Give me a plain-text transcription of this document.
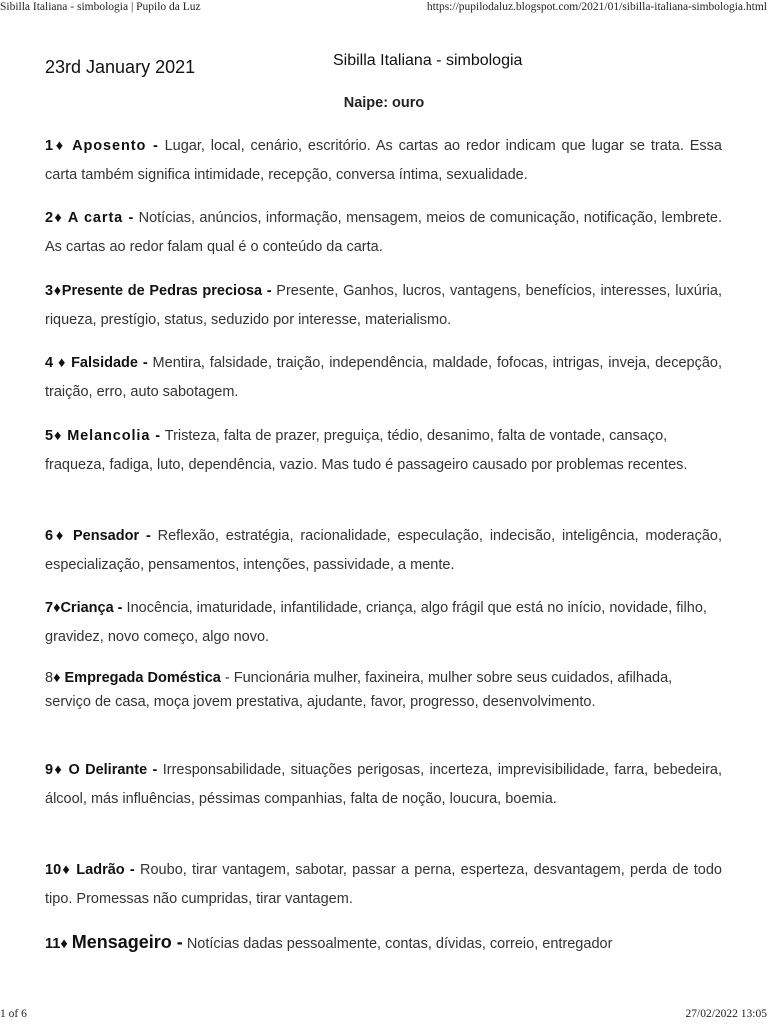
Sibilla Italiana - simbologia | Pupilo da Luz	https://pupilodaluz.blogspot.com/2021/01/sibilla-italiana-simbologia.html
23rd January 2021	Sibilla Italiana - simbologia
Naipe: ouro
1♦ Aposento - Lugar, local, cenário, escritório. As cartas ao redor indicam que lugar se trata. Essa carta também significa intimidade, recepção, conversa íntima, sexualidade.
2♦ A carta - Notícias, anúncios, informação, mensagem, meios de comunicação, notificação, lembrete. As cartas ao redor falam qual é o conteúdo da carta.
3♦Presente de Pedras preciosa - Presente, Ganhos, lucros, vantagens, benefícios, interesses, luxúria, riqueza, prestígio, status, seduzido por interesse, materialismo.
4 ♦ Falsidade - Mentira, falsidade, traição, independência, maldade, fofocas, intrigas, inveja, decepção, traição, erro, auto sabotagem.
5♦ Melancolia - Tristeza, falta de prazer, preguiça, tédio, desanimo, falta de vontade, cansaço, fraqueza, fadiga, luto, dependência, vazio. Mas tudo é passageiro causado por problemas recentes.
6♦ Pensador - Reflexão, estratégia, racionalidade, especulação, indecisão, inteligência, moderação, especialização, pensamentos, intenções, passividade, a mente.
7♦Criança - Inocência, imaturidade, infantilidade, criança, algo frágil que está no início, novidade, filho, gravidez, novo começo, algo novo.
8♦ Empregada Doméstica - Funcionária mulher, faxineira, mulher sobre seus cuidados, afilhada, serviço de casa, moça jovem prestativa, ajudante, favor, progresso, desenvolvimento.
9♦ O Delirante - Irresponsabilidade, situações perigosas, incerteza, imprevisibilidade, farra, bebedeira, álcool, más influências, péssimas companhias, falta de noção, loucura, boemia.
10♦ Ladrão - Roubo, tirar vantagem, sabotar, passar a perna, esperteza, desvantagem, perda de todo tipo. Promessas não cumpridas, tirar vantagem.
11♦ Mensageiro - Notícias dadas pessoalmente, contas, dívidas, correio, entregador
1 of 6	27/02/2022 13:05
